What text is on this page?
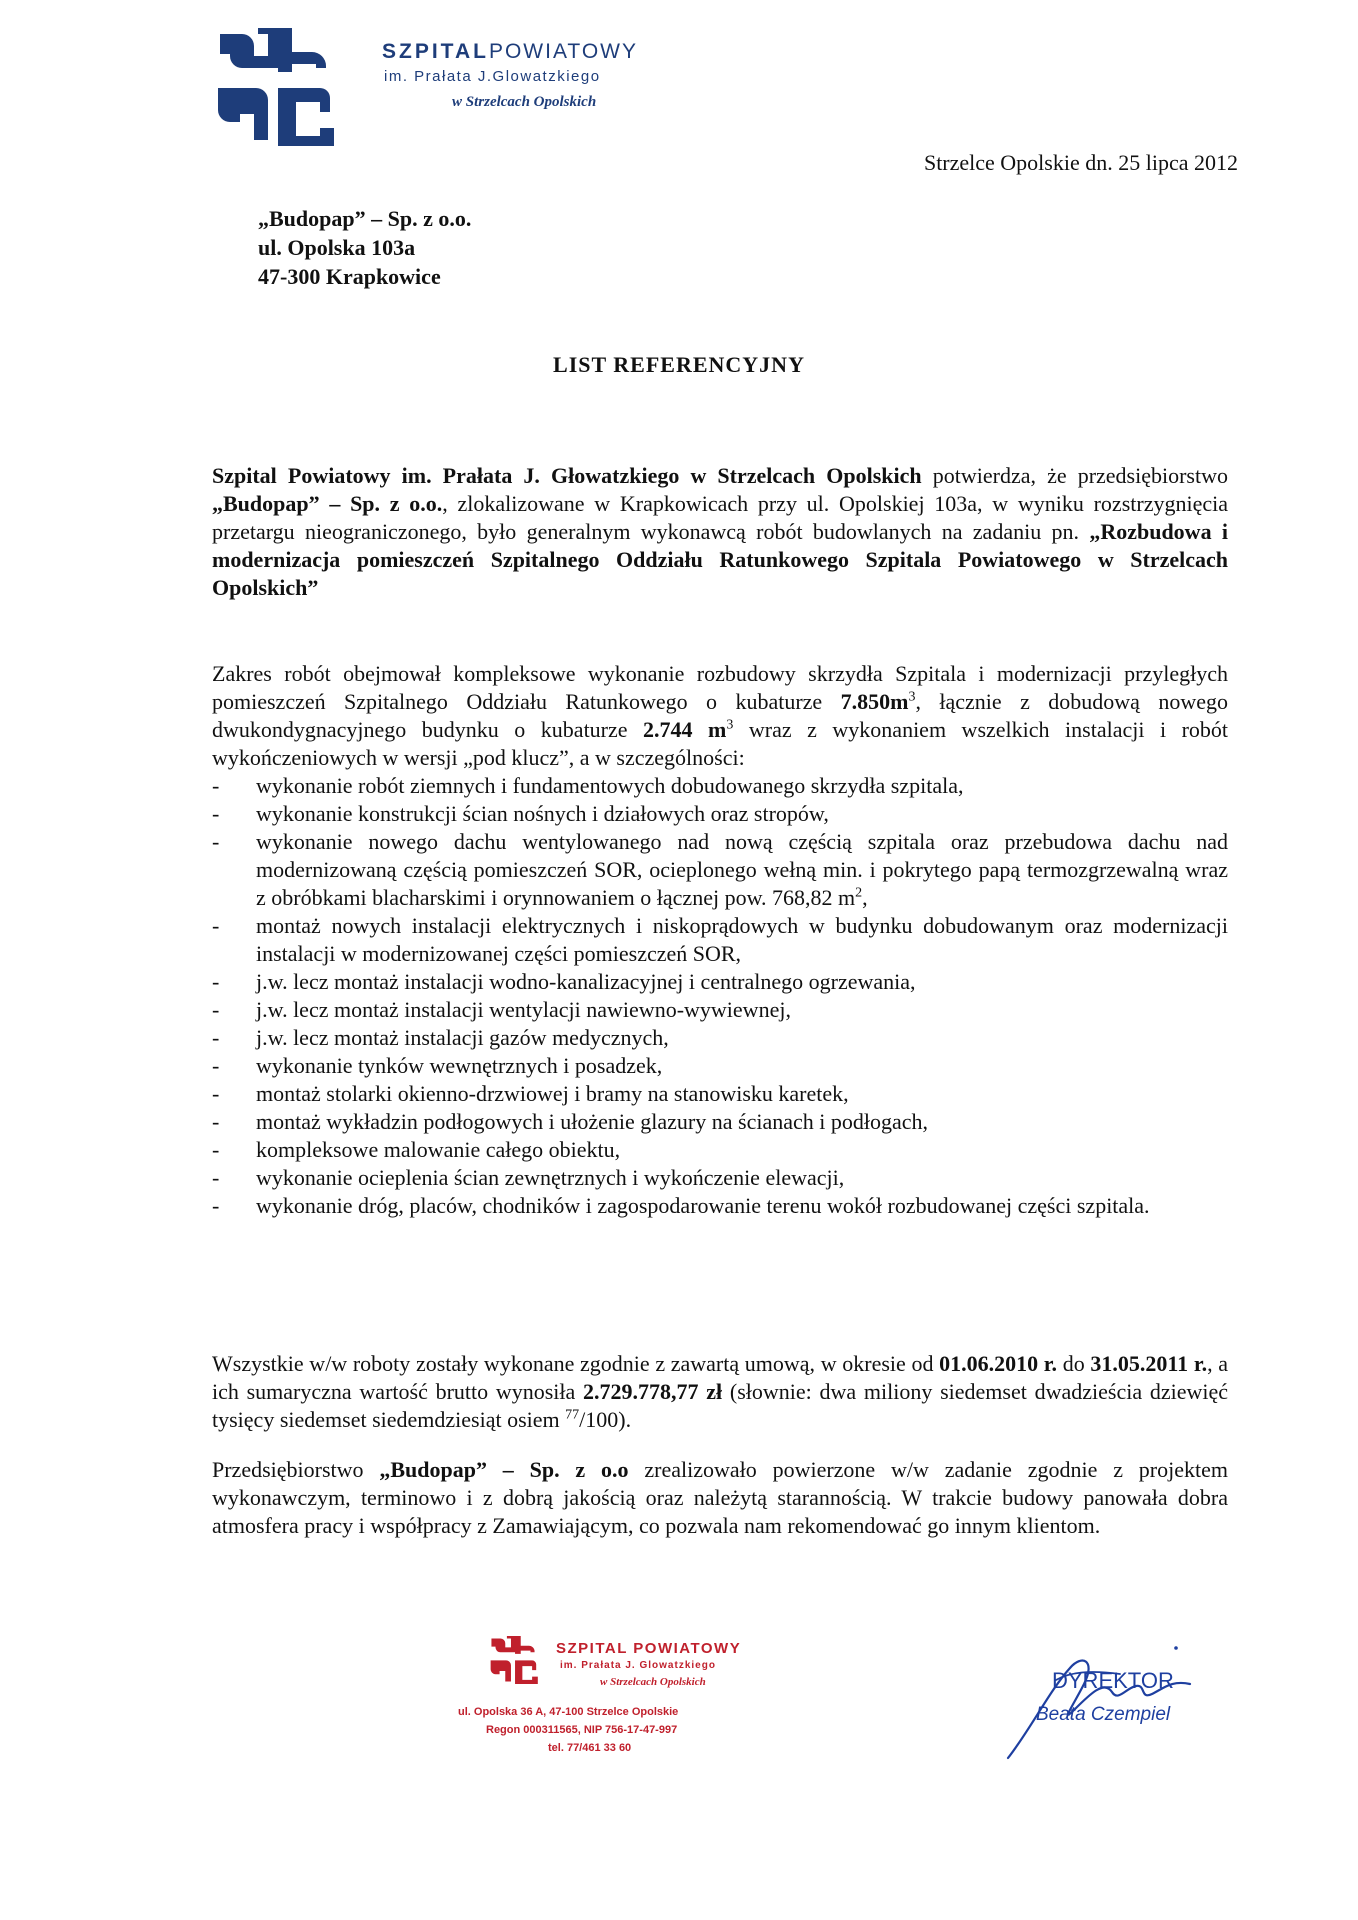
SZPITALPOWIATOWY
im. Prałata J.Glowatzkiego
w Strzelcach Opolskich
Strzelce Opolskie dn. 25 lipca 2012
„Budopap” – Sp. z o.o.
ul. Opolska 103a
47-300 Krapkowice
LIST REFERENCYJNY
Szpital Powiatowy im. Prałata J. Głowatzkiego w Strzelcach Opolskich potwierdza, że przedsiębiorstwo „Budopap” – Sp. z o.o., zlokalizowane w Krapkowicach przy ul. Opolskiej 103a, w wyniku rozstrzygnięcia przetargu nieograniczonego, było generalnym wykonawcą robót budowlanych na zadaniu pn. „Rozbudowa i modernizacja pomieszczeń Szpitalnego Oddziału Ratunkowego Szpitala Powiatowego w Strzelcach Opolskich”
Zakres robót obejmował kompleksowe wykonanie rozbudowy skrzydła Szpitala i modernizacji przyległych pomieszczeń Szpitalnego Oddziału Ratunkowego o kubaturze $7.850m^3$, łącznie z dobudową nowego dwukondygnacyjnego budynku o kubaturze 2.744 $m^3$ wraz z wykonaniem wszelkich instalacji i robót wykończeniowych w wersji „pod klucz”, a w szczególności:
-	wykonanie robót ziemnych i fundamentowych dobudowanego skrzydła szpitala,
-	wykonanie konstrukcji ścian nośnych i działowych oraz stropów,
-	wykonanie nowego dachu wentylowanego nad nową częścią szpitala oraz przebudowa dachu nad modernizowaną częścią pomieszczeń SOR, ocieplonego wełną min. i pokrytego papą termozgrzewalną wraz z obróbkami blacharskimi i orynnowaniem o łącznej pow. 768,82 $m^2$,
-	montaż nowych instalacji elektrycznych i niskoprądowych w budynku dobudowanym oraz modernizacji instalacji w modernizowanej części pomieszczeń SOR,
-	j.w. lecz montaż instalacji wodno-kanalizacyjnej i centralnego ogrzewania,
-	j.w. lecz montaż instalacji wentylacji nawiewno-wywiewnej,
-	j.w. lecz montaż instalacji gazów medycznych,
-	wykonanie tynków wewnętrznych i posadzek,
-	montaż stolarki okienno-drzwiowej i bramy na stanowisku karetek,
-	montaż wykładzin podłogowych i ułożenie glazury na ścianach i podłogach,
-	kompleksowe malowanie całego obiektu,
-	wykonanie ocieplenia ścian zewnętrznych i wykończenie elewacji,
-	wykonanie dróg, placów, chodników i zagospodarowanie terenu wokół rozbudowanej części szpitala.
Wszystkie w/w roboty zostały wykonane zgodnie z zawartą umową, w okresie od 01.06.2010 r. do 31.05.2011 r., a ich sumaryczna wartość brutto wynosiła 2.729.778,77 zł (słownie: dwa miliony siedemset dwadzieścia dziewięć tysięcy siedemset siedemdziesiąt osiem $^{77}$/100).
Przedsiębiorstwo „Budopap” – Sp. z o.o zrealizowało powierzone w/w zadanie zgodnie z projektem wykonawczym, terminowo i z dobrą jakością oraz należytą starannością. W trakcie budowy panowała dobra atmosfera pracy i współpracy z Zamawiającym, co pozwala nam rekomendować go innym klientom.
SZPITAL POWIATOWY
im. Prałata J. Glowatzkiego
w Strzelcach Opolskich
ul. Opolska 36 A, 47-100 Strzelce Opolskie
Regon 000311565, NIP 756-17-47-997
tel. 77/461 33 60
DYREKTOR
Beata Czempiel
